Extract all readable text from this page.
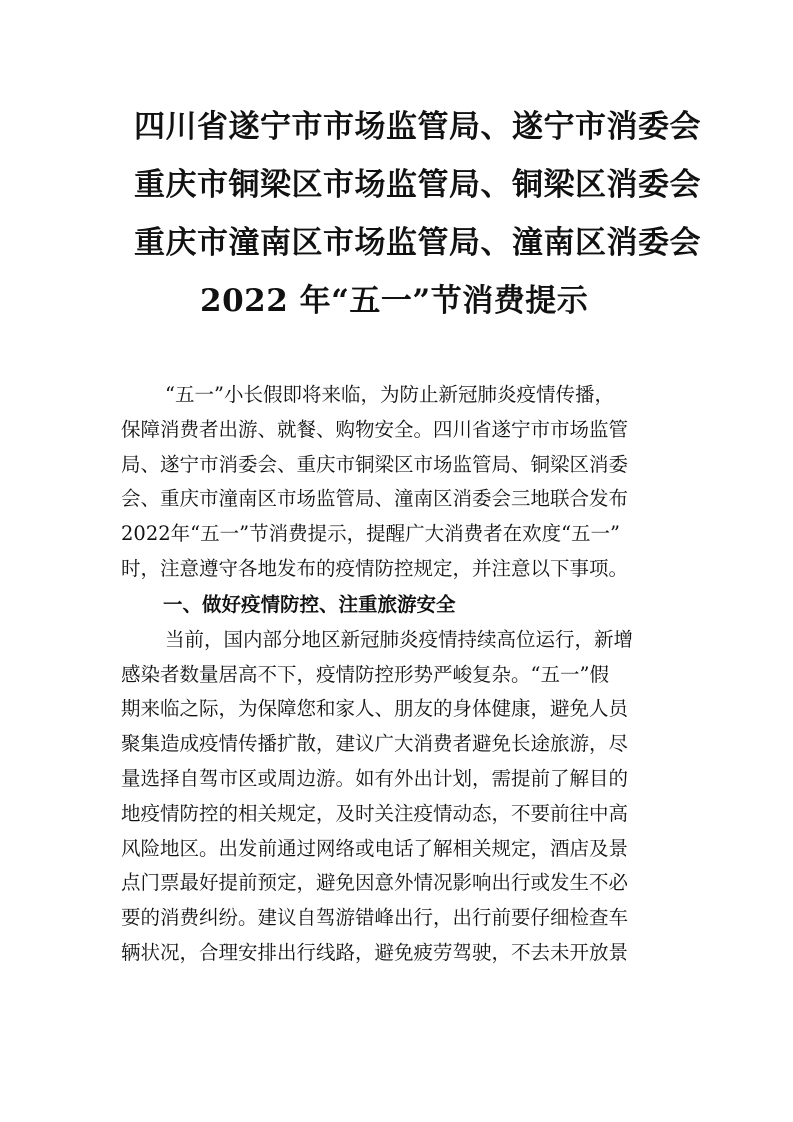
四川省遂宁市市场监管局、遂宁市消委会
重庆市铜梁区市场监管局、铜梁区消委会
重庆市潼南区市场监管局、潼南区消委会
2022 年“五一”节消费提示
“五一”小长假即将来临，为防止新冠肺炎疫情传播，
保障消费者出游、就餐、购物安全。四川省遂宁市市场监管
局、遂宁市消委会、重庆市铜梁区市场监管局、铜梁区消委
会、重庆市潼南区市场监管局、潼南区消委会三地联合发布
2022年“五一”节消费提示，提醒广大消费者在欢度“五一”
时，注意遵守各地发布的疫情防控规定，并注意以下事项。
一、做好疫情防控、注重旅游安全
当前，国内部分地区新冠肺炎疫情持续高位运行，新增
感染者数量居高不下，疫情防控形势严峻复杂。“五一”假
期来临之际，为保障您和家人、朋友的身体健康，避免人员
聚集造成疫情传播扩散，建议广大消费者避免长途旅游，尽
量选择自驾市区或周边游。如有外出计划，需提前了解目的
地疫情防控的相关规定，及时关注疫情动态，不要前往中高
风险地区。出发前通过网络或电话了解相关规定，酒店及景
点门票最好提前预定，避免因意外情况影响出行或发生不必
要的消费纠纷。建议自驾游错峰出行，出行前要仔细检查车
辆状况，合理安排出行线路，避免疲劳驾驶，不去未开放景
